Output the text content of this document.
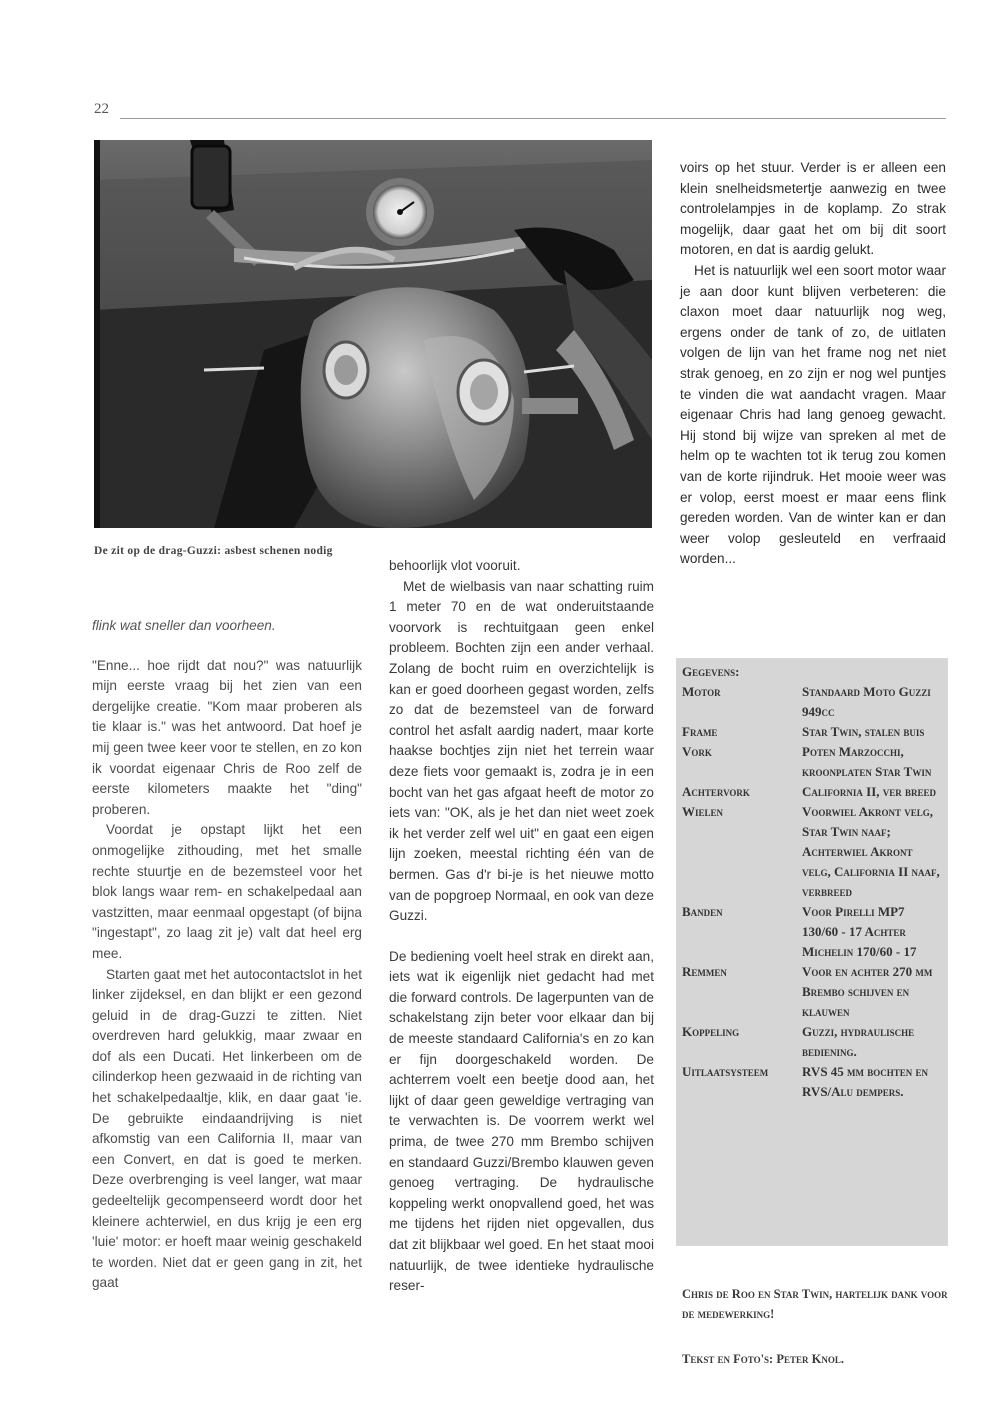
22
De zit op de drag-Guzzi: asbest schenen nodig

flink wat sneller dan voorheen.

"Enne... hoe rijdt dat nou?" was natuurlijk mijn eerste vraag bij het zien van een dergelijke creatie. "Kom maar proberen als tie klaar is." was het antwoord. Dat hoef je mij geen twee keer voor te stellen, en zo kon ik voordat eigenaar Chris de Roo zelf de eerste kilometers maakte het "ding" proberen.

Voordat je opstapt lijkt het een onmogelijke zithouding, met het smalle rechte stuurtje en de bezemsteel voor het blok langs waar rem- en schakelpedaal aan vastzitten, maar eenmaal opgestapt (of bijna "ingestapt", zo laag zit je) valt dat heel erg mee.

Starten gaat met het autocontactslot in het linker zijdeksel, en dan blijkt er een gezond geluid in de drag-Guzzi te zitten. Niet overdreven hard gelukkig, maar zwaar en dof als een Ducati. Het linkerbeen om de cilinderkop heen gezwaaid in de richting van het schakelpedaaltje, klik, en daar gaat 'ie. De gebruikte eindaandrijving is niet afkomstig van een California II, maar van een Convert, en dat is goed te merken. Deze overbrenging is veel langer, wat maar gedeeltelijk gecompenseerd wordt door het kleinere achterwiel, en dus krijg je een erg 'luie' motor: er hoeft maar weinig geschakeld te worden. Niet dat er geen gang in zit, het gaat

behoorlijk vlot vooruit.

Met de wielbasis van naar schatting ruim 1 meter 70 en de wat onderuitstaande voorvork is rechtuitgaan geen enkel probleem. Bochten zijn een ander verhaal. Zolang de bocht ruim en overzichtelijk is kan er goed doorheen gegast worden, zelfs zo dat de bezemsteel van de forward control het asfalt aardig nadert, maar korte haakse bochtjes zijn niet het terrein waar deze fiets voor gemaakt is, zodra je in een bocht van het gas afgaat heeft de motor zo iets van: "OK, als je het dan niet weet zoek ik het verder zelf wel uit" en gaat een eigen lijn zoeken, meestal richting één van de bermen. Gas d'r bi-je is het nieuwe motto van de popgroep Normaal, en ook van deze Guzzi.

De bediening voelt heel strak en direkt aan, iets wat ik eigenlijk niet gedacht had met die forward controls. De lagerpunten van de schakelstang zijn beter voor elkaar dan bij de meeste standaard California's en zo kan er fijn doorgeschakeld worden. De achterrem voelt een beetje dood aan, het lijkt of daar geen geweldige vertraging van te verwachten is. De voorrem werkt wel prima, de twee 270 mm Brembo schijven en standaard Guzzi/Brembo klauwen geven genoeg vertraging. De hydraulische koppeling werkt onopvallend goed, het was me tijdens het rijden niet opgevallen, dus dat zit blijkbaar wel goed. En het staat mooi natuurlijk, de twee identieke hydraulische reser-

voirs op het stuur. Verder is er alleen een klein snelheidsmetertje aanwezig en twee controlelampjes in de koplamp. Zo strak mogelijk, daar gaat het om bij dit soort motoren, en dat is aardig gelukt.

Het is natuurlijk wel een soort motor waar je aan door kunt blijven verbeteren: die claxon moet daar natuurlijk nog weg, ergens onder de tank of zo, de uitlaten volgen de lijn van het frame nog net niet strak genoeg, en zo zijn er nog wel puntjes te vinden die wat aandacht vragen. Maar eigenaar Chris had lang genoeg gewacht. Hij stond bij wijze van spreken al met de helm op te wachten tot ik terug zou komen van de korte rijindruk. Het mooie weer was er volop, eerst moest er maar eens flink gereden worden. Van de winter kan er dan weer volop gesleuteld en verfraaid worden...

Gegevens:
Motor	Standaard Moto Guzzi 949cc
Frame	Star Twin, stalen buis
Vork	Poten Marzocchi, kroonplaten Star Twin
Achtervork	California II, ver breed
Wielen	Voorwiel Akront velg, Star Twin naaf; Achterwiel Akront velg, California II naaf, verbreed
Banden	Voor Pirelli MP7 130/60 - 17 Achter Michelin 170/60 - 17
Remmen	Voor en achter 270 mm Brembo schijven en klauwen
Koppeling	Guzzi, hydraulische bediening.
Uitlaatsysteem	RVS 45 mm bochten en RVS/Alu dempers.
Chris de Roo en Star Twin, hartelijk dank voor de medewerking!
Tekst en Foto's: Peter Knol.
